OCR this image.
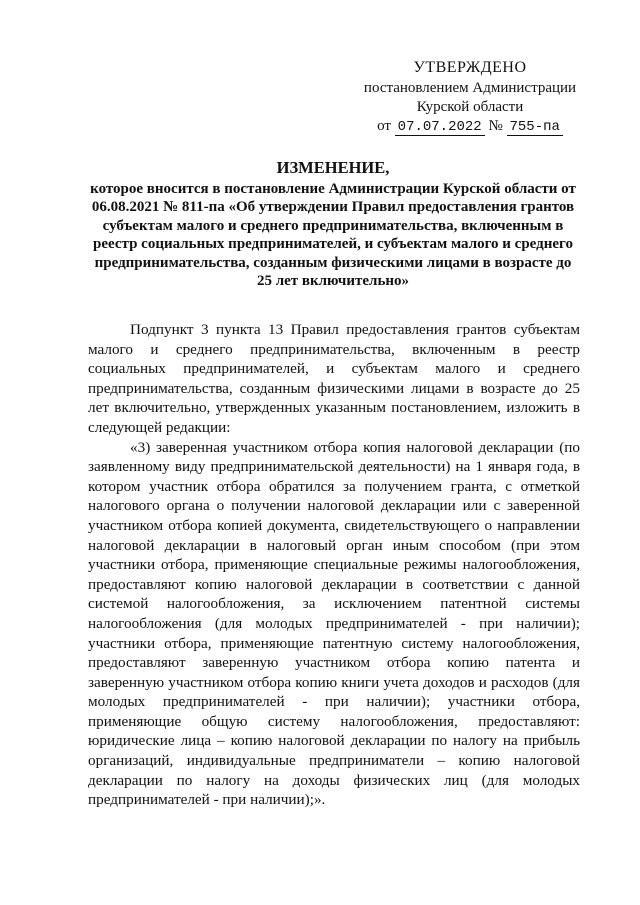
УТВЕРЖДЕНО
постановлением Администрации
Курской области
от 07.07.2022 № 755-па
ИЗМЕНЕНИЕ,
которое вносится в постановление Администрации Курской области от 06.08.2021 № 811-па «Об утверждении Правил предоставления грантов субъектам малого и среднего предпринимательства, включенным в реестр социальных предпринимателей, и субъектам малого и среднего предпринимательства, созданным физическими лицами в возрасте до 25 лет включительно»

Подпункт 3 пункта 13 Правил предоставления грантов субъектам малого и среднего предпринимательства, включенным в реестр социальных предпринимателей, и субъектам малого и среднего предпринимательства, созданным физическими лицами в возрасте до 25 лет включительно, утвержденных указанным постановлением, изложить в следующей редакции:

«3) заверенная участником отбора копия налоговой декларации (по заявленному виду предпринимательской деятельности) на 1 января года, в котором участник отбора обратился за получением гранта, с отметкой налогового органа о получении налоговой декларации или с заверенной участником отбора копией документа, свидетельствующего о направлении налоговой декларации в налоговый орган иным способом (при этом участники отбора, применяющие специальные режимы налогообложения, предоставляют копию налоговой декларации в соответствии с данной системой налогообложения, за исключением патентной системы налогообложения (для молодых предпринимателей - при наличии); участники отбора, применяющие патентную систему налогообложения, предоставляют заверенную участником отбора копию патента и заверенную участником отбора копию книги учета доходов и расходов (для молодых предпринимателей - при наличии); участники отбора, применяющие общую систему налогообложения, предоставляют: юридические лица – копию налоговой декларации по налогу на прибыль организаций, индивидуальные предприниматели – копию налоговой декларации по налогу на доходы физических лиц (для молодых предпринимателей - при наличии);».
